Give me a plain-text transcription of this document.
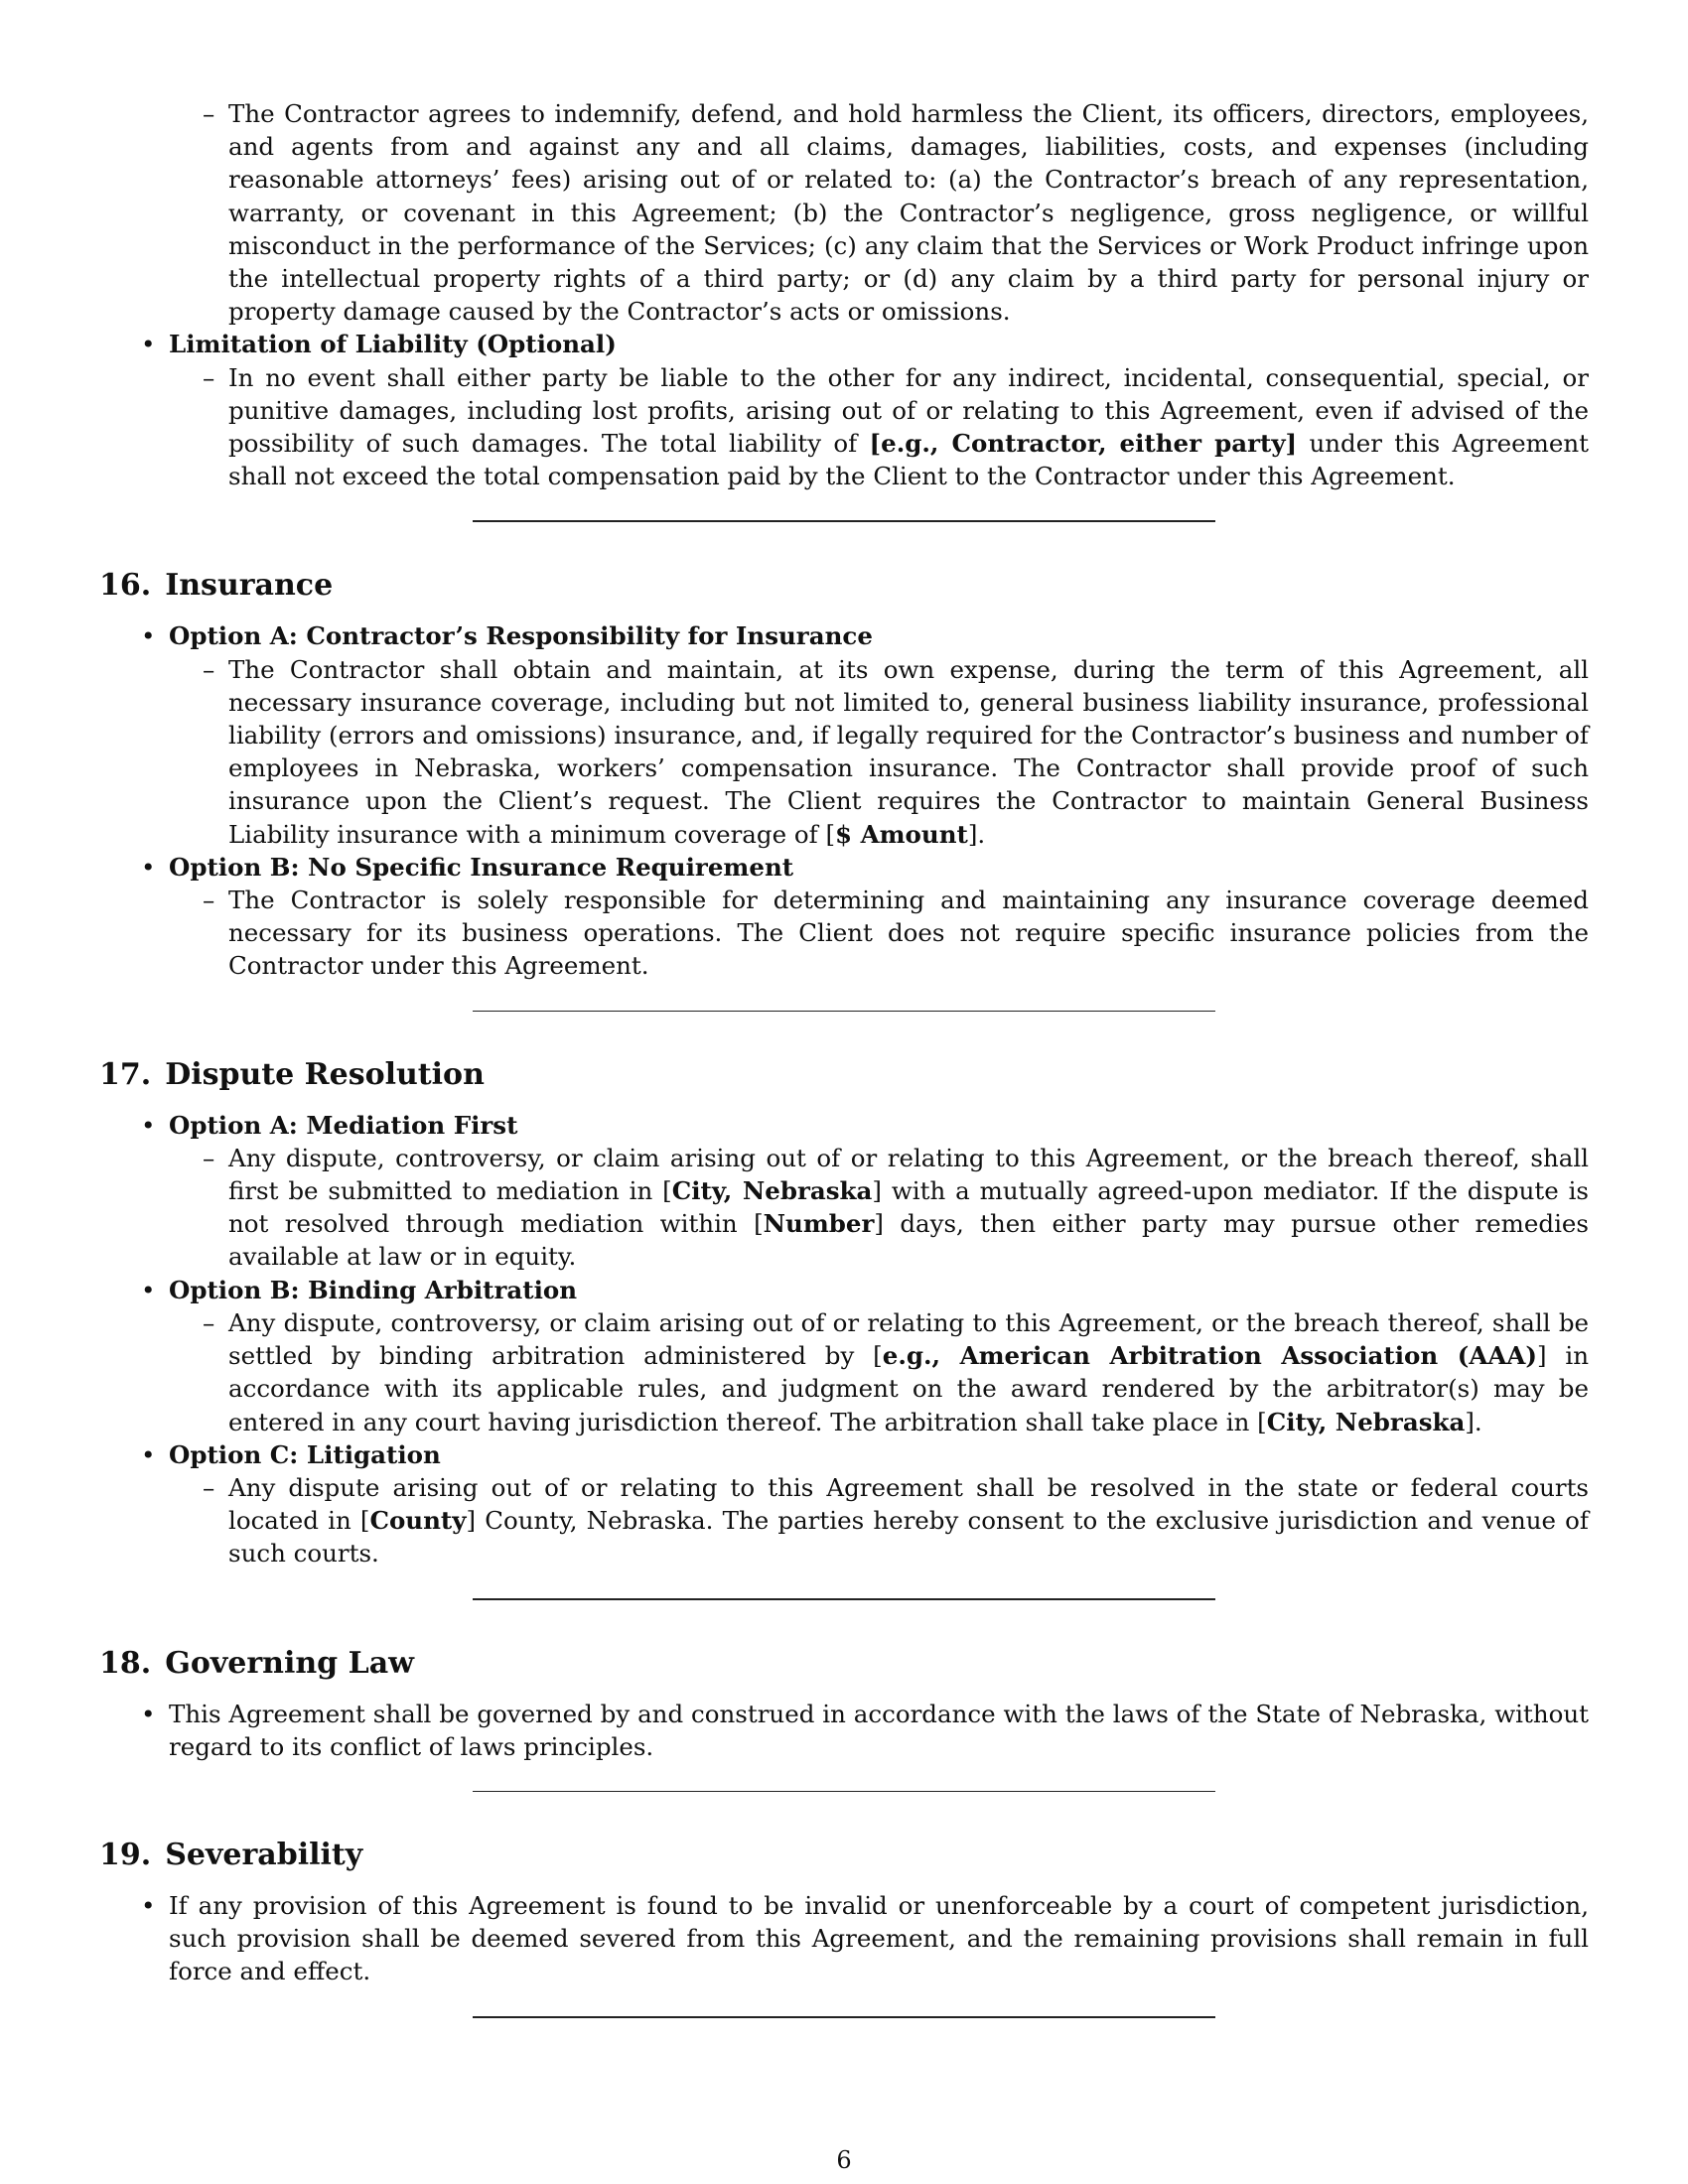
– The Contractor agrees to indemnify, defend, and hold harmless the Client, its officers, directors, employees, and agents from and against any and all claims, damages, liabilities, costs, and expenses (including reasonable attorneys’ fees) arising out of or related to: (a) the Contractor’s breach of any representation, warranty, or covenant in this Agreement; (b) the Contractor’s negligence, gross negligence, or willful misconduct in the performance of the Services; (c) any claim that the Services or Work Product infringe upon the intellectual property rights of a third party; or (d) any claim by a third party for personal injury or property damage caused by the Contractor’s acts or omissions.
• Limitation of Liability (Optional)
– In no event shall either party be liable to the other for any indirect, incidental, consequential, special, or punitive damages, including lost profits, arising out of or relating to this Agreement, even if advised of the possibility of such damages. The total liability of [e.g., Contractor, either party] under this Agreement shall not exceed the total compensation paid by the Client to the Contractor under this Agreement.
16. Insurance
• Option A: Contractor’s Responsibility for Insurance
– The Contractor shall obtain and maintain, at its own expense, during the term of this Agreement, all necessary insurance coverage, including but not limited to, general business liability insurance, professional liability (errors and omissions) insurance, and, if legally required for the Contractor’s business and number of employees in Nebraska, workers’ compensation insurance. The Contractor shall provide proof of such insurance upon the Client’s request. The Client requires the Contractor to maintain General Business Liability insurance with a minimum coverage of [$ Amount].
• Option B: No Specific Insurance Requirement
– The Contractor is solely responsible for determining and maintaining any insurance coverage deemed necessary for its business operations. The Client does not require specific insurance policies from the Contractor under this Agreement.
17. Dispute Resolution
• Option A: Mediation First
– Any dispute, controversy, or claim arising out of or relating to this Agreement, or the breach thereof, shall first be submitted to mediation in [City, Nebraska] with a mutually agreed-upon mediator. If the dispute is not resolved through mediation within [Number] days, then either party may pursue other remedies available at law or in equity.
• Option B: Binding Arbitration
– Any dispute, controversy, or claim arising out of or relating to this Agreement, or the breach thereof, shall be settled by binding arbitration administered by [e.g., American Arbitration Association (AAA)] in accordance with its applicable rules, and judgment on the award rendered by the arbitrator(s) may be entered in any court having jurisdiction thereof. The arbitration shall take place in [City, Nebraska].
• Option C: Litigation
– Any dispute arising out of or relating to this Agreement shall be resolved in the state or federal courts located in [County] County, Nebraska. The parties hereby consent to the exclusive jurisdiction and venue of such courts.
18. Governing Law
• This Agreement shall be governed by and construed in accordance with the laws of the State of Nebraska, without regard to its conflict of laws principles.
19. Severability
• If any provision of this Agreement is found to be invalid or unenforceable by a court of competent jurisdiction, such provision shall be deemed severed from this Agreement, and the remaining provisions shall remain in full force and effect.
6
